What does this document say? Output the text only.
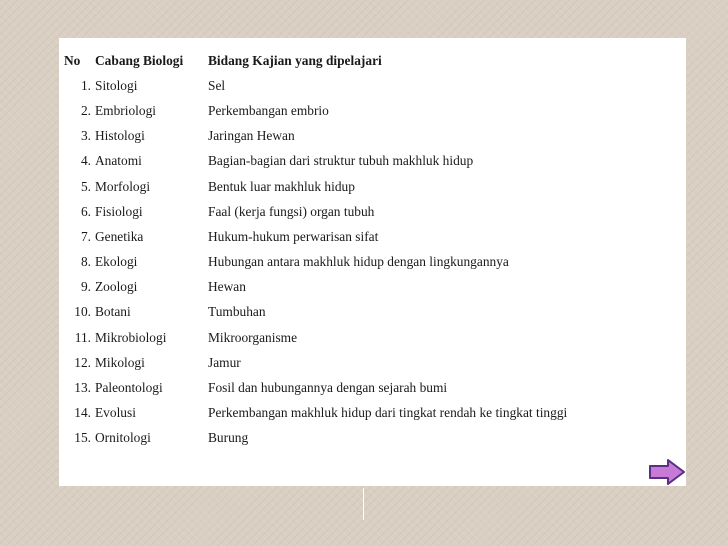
No	Cabang Biologi	Bidang Kajian yang dipelajari
1.	Sitologi	Sel
2.	Embriologi	Perkembangan embrio
3.	Histologi	Jaringan Hewan
4.	Anatomi	Bagian-bagian dari struktur tubuh makhluk hidup
5.	Morfologi	Bentuk luar makhluk hidup
6.	Fisiologi	Faal (kerja fungsi) organ tubuh
7.	Genetika	Hukum-hukum perwarisan sifat
8.	Ekologi	Hubungan antara makhluk hidup dengan lingkungannya
9.	Zoologi	Hewan
10.	Botani	Tumbuhan
11.	Mikrobiologi	Mikroorganisme
12.	Mikologi	Jamur
13.	Paleontologi	Fosil dan hubungannya dengan sejarah bumi
14.	Evolusi	Perkembangan makhluk hidup dari tingkat rendah ke tingkat tinggi
15.	Ornitologi	Burung
